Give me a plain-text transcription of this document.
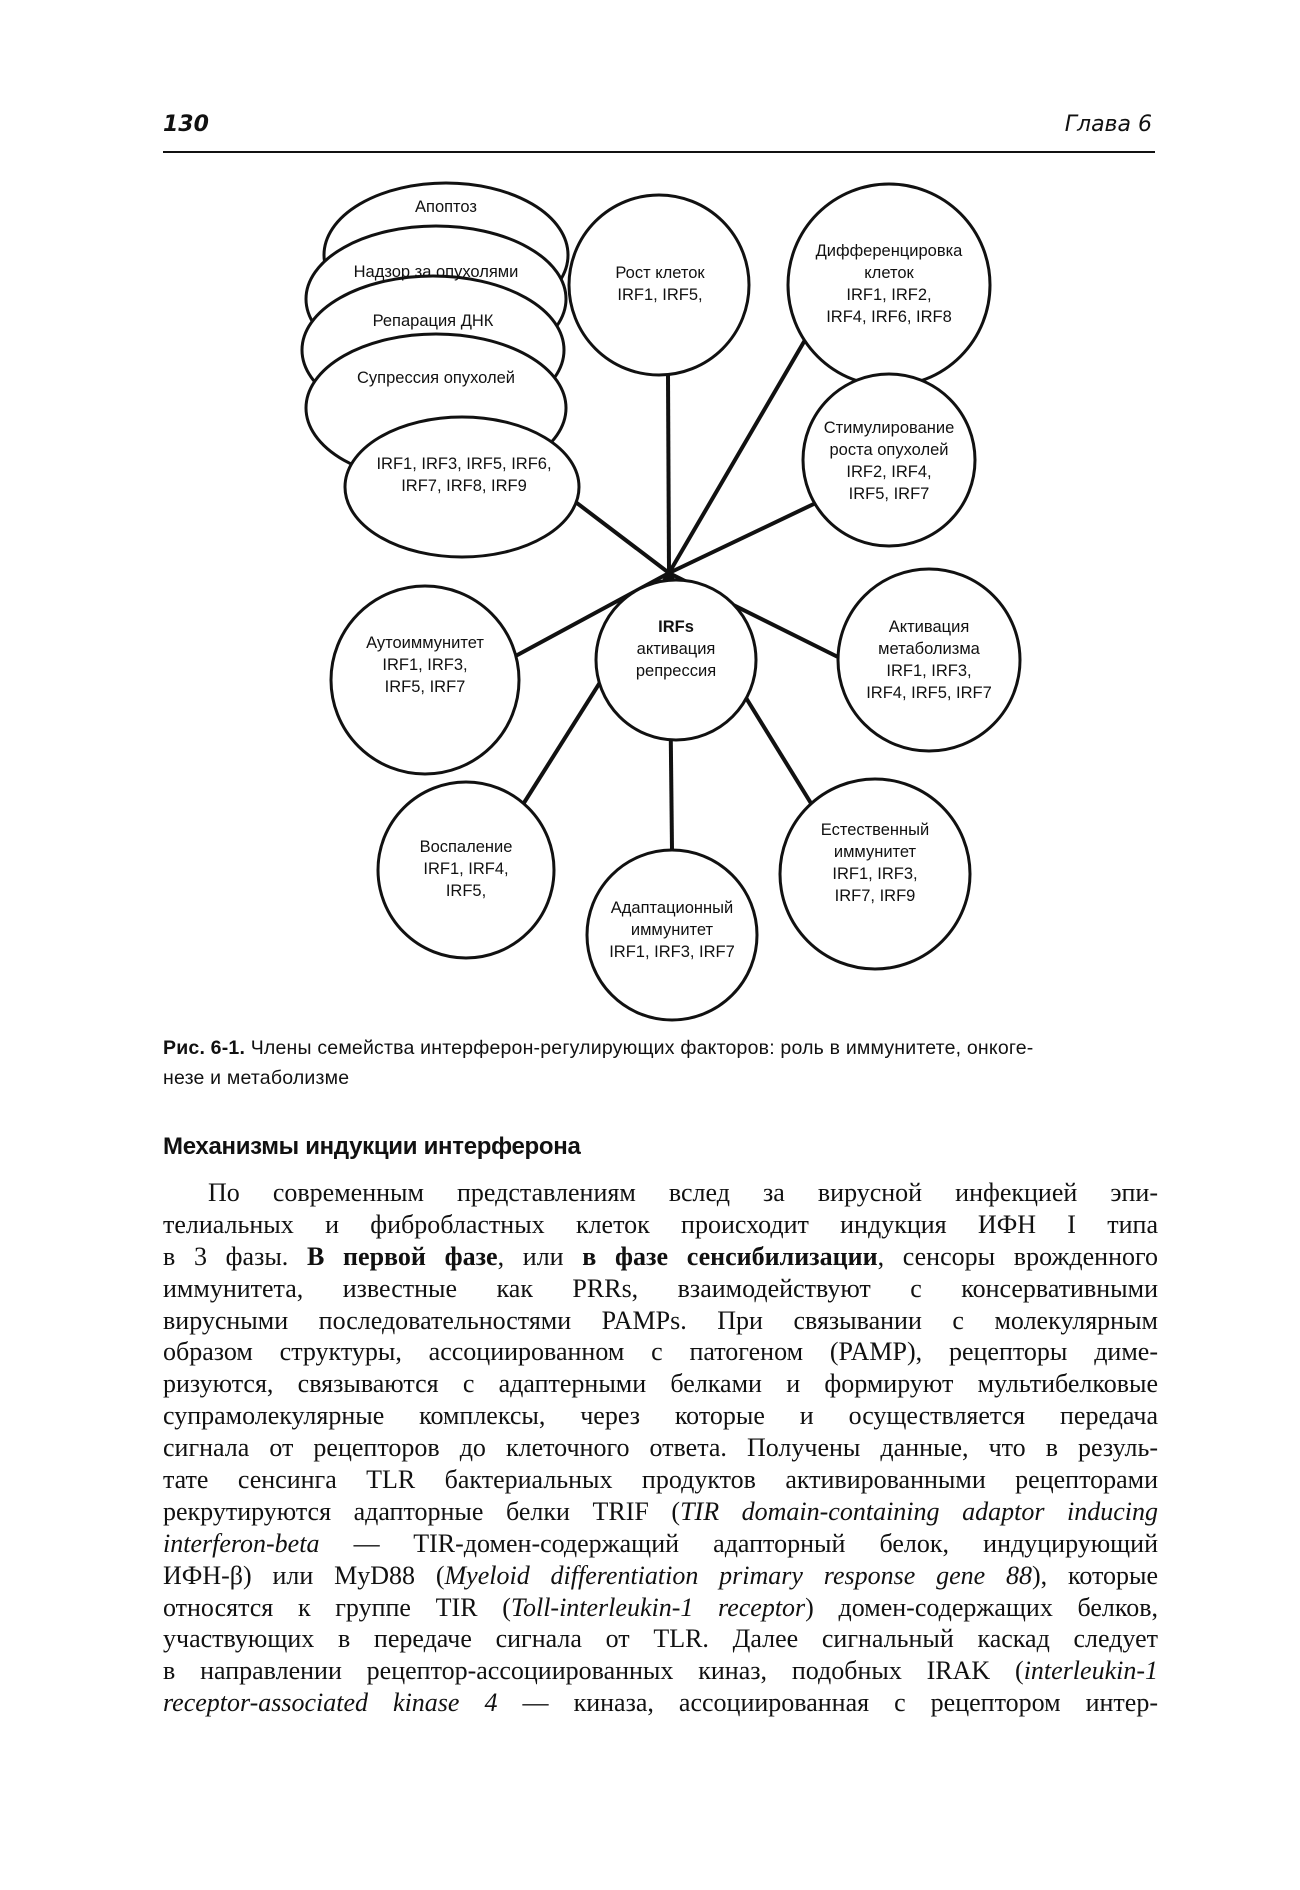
130	Глава 6
Апоптоз
Надзор за опухолями
Репарация ДНК
Супрессия опухолей
IRF1, IRF3, IRF5, IRF6,
IRF7, IRF8, IRF9
Рост клеток
IRF1, IRF5,
Дифференцировка
клеток
IRF1, IRF2,
IRF4, IRF6, IRF8
Стимулирование
роста опухолей
IRF2, IRF4,
IRF5, IRF7
Активация
метаболизма
IRF1, IRF3,
IRF4, IRF5, IRF7
Естественный
иммунитет
IRF1, IRF3,
IRF7, IRF9
Адаптационный
иммунитет
IRF1, IRF3, IRF7
Воспаление
IRF1, IRF4,
IRF5,
Аутоиммунитет
IRF1, IRF3,
IRF5, IRF7
IRFs
активация
репрессия
Рис. 6-1. Члены семейства интерферон-регулирующих факторов: роль в иммунитете, онкоге-
незе и метаболизме
Механизмы индукции интерферона
По современным представлениям вслед за вирусной инфекцией эпи-
телиальных и фибробластных клеток происходит индукция ИФН I типа
в 3 фазы. В первой фазе, или в фазе сенсибилизации, сенсоры врожденного
иммунитета, известные как PRRs, взаимодействуют с консервативными
вирусными последовательностями PAMPs. При связывании с молекулярным
образом структуры, ассоциированном с патогеном (PAMP), рецепторы диме-
ризуются, связываются с адаптерными белками и формируют мультибелковые
супрамолекулярные комплексы, через которые и осуществляется передача
сигнала от рецепторов до клеточного ответа. Получены данные, что в резуль-
тате сенсинга TLR бактериальных продуктов активированными рецепторами
рекрутируются адапторные белки TRIF (TIR domain-containing adaptor inducing
interferon-beta — TIR-домен-содержащий адапторный белок, индуцирующий
ИФН-β) или MyD88 (Myeloid differentiation primary response gene 88), которые
относятся к группе TIR (Toll-interleukin-1 receptor) домен-содержащих белков,
участвующих в передаче сигнала от TLR. Далее сигнальный каскад следует
в направлении рецептор-ассоциированных киназ, подобных IRAK (interleukin-1
receptor-associated kinase 4 — киназа, ассоциированная с рецептором интер-
